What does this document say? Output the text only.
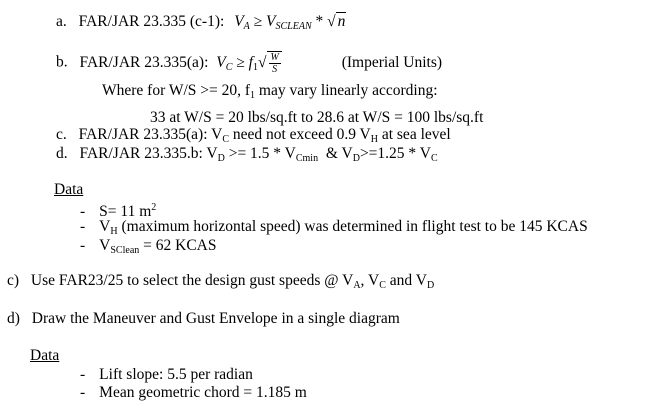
a. FAR/JAR 23.335 (c-1): $V_A \ge V_{SCLEAN}$ * √ n
b. FAR/JAR 23.335(a): $V_C \ge f1√ \frac{W}{S}$	(Imperial Units)
Where for W/S >= 20, f1 may vary linearly according:
33 at W/S = 20 lbs/sq.ft to 28.6 at W/S = 100 lbs/sq.ft
c. FAR/JAR 23.335(a): VC need not exceed 0.9 VH at sea level
d. FAR/JAR 23.335.b: VD >= 1.5 * VCmin  & VD>=1.25 * VC
Data
- S= 11 $m^2$
- VH (maximum horizontal speed) was determined in flight test to be 145 KCAS
- VSClean = 62 KCAS
c) Use FAR23/25 to select the design gust speeds @ VA, VC and VD
d) Draw the Maneuver and Gust Envelope in a single diagram
Data
- Lift slope: 5.5 per radian
- Mean geometric chord = 1.185 m
